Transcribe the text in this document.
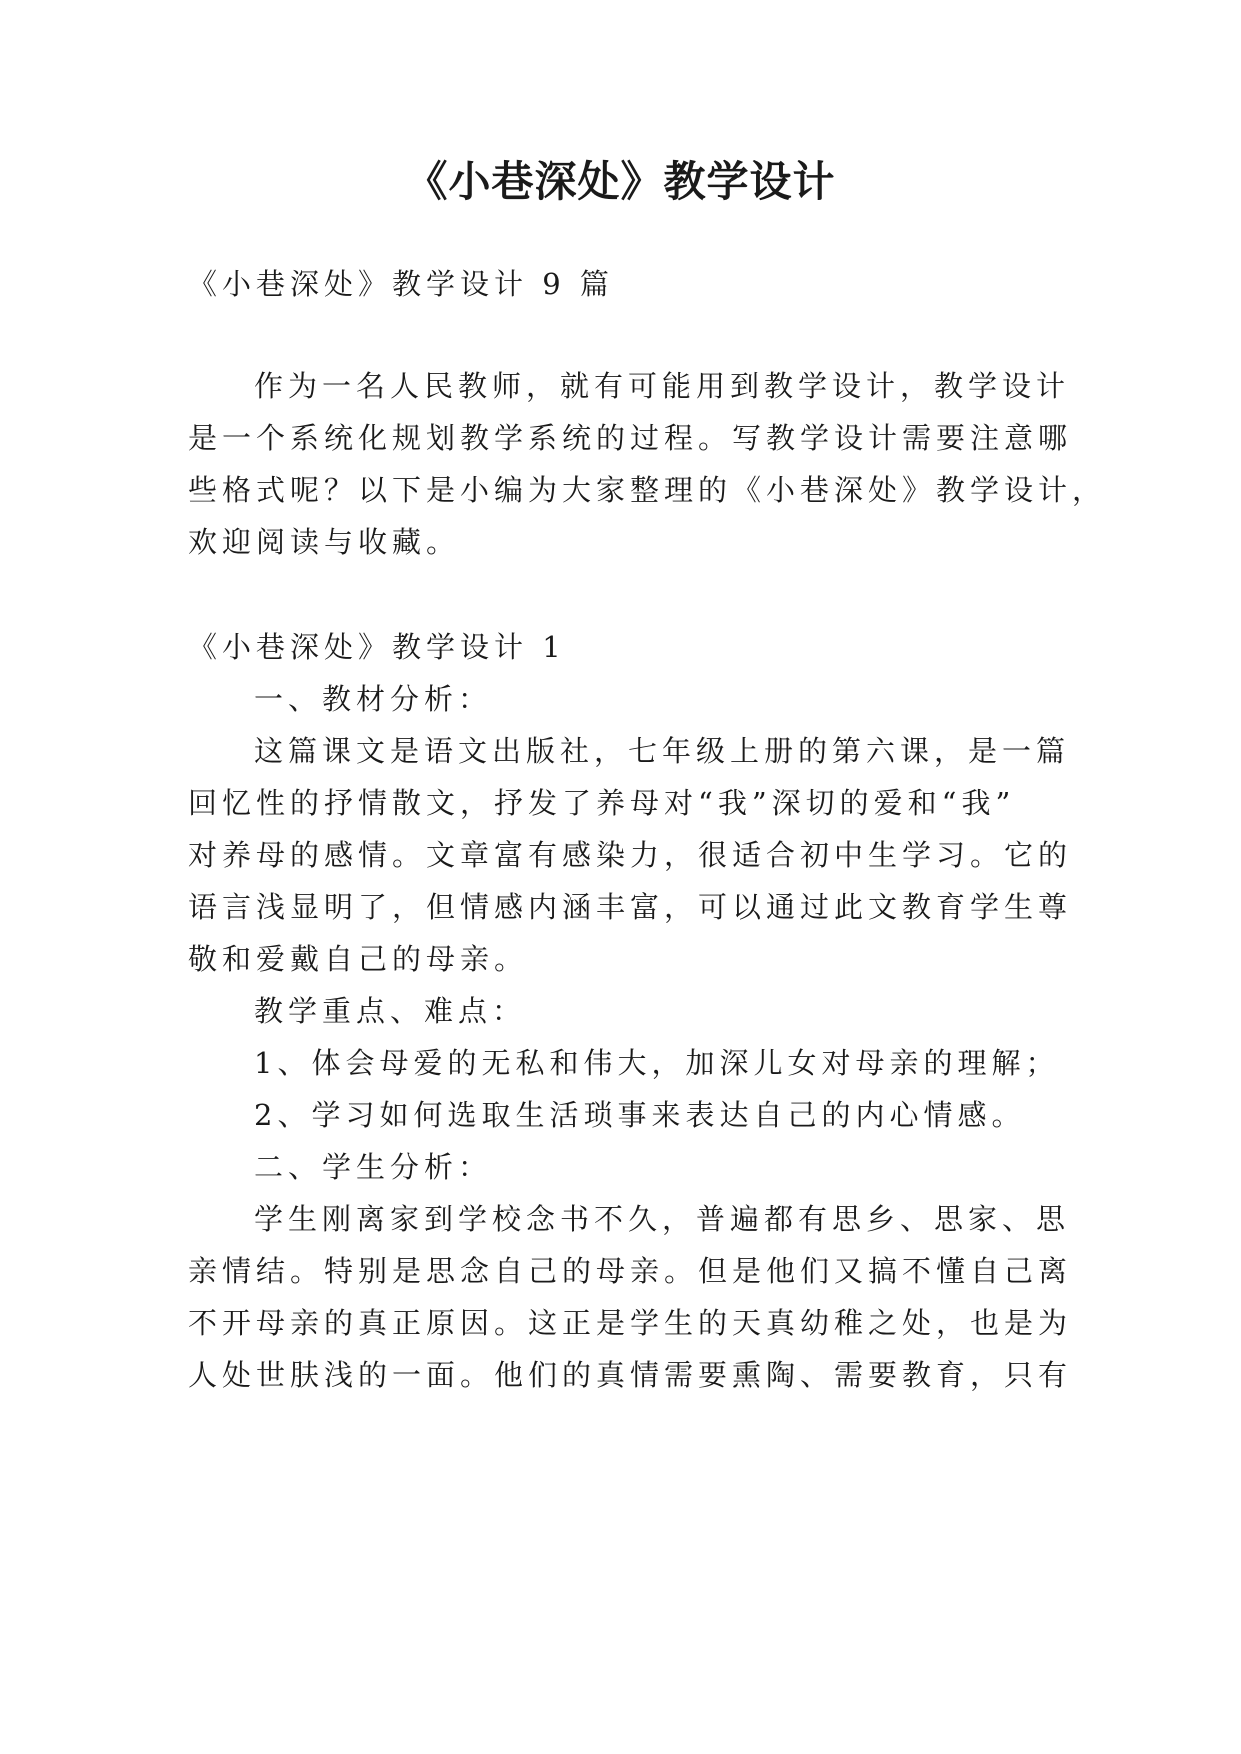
《小巷深处》教学设计
《小巷深处》教学设计 9 篇
作为一名人民教师，就有可能用到教学设计，教学设计
是一个系统化规划教学系统的过程。写教学设计需要注意哪
些格式呢？以下是小编为大家整理的《小巷深处》教学设计，
欢迎阅读与收藏。
《小巷深处》教学设计 1
一、教材分析：
这篇课文是语文出版社，七年级上册的第六课，是一篇
回忆性的抒情散文，抒发了养母对“我”深切的爱和“我”
对养母的感情。文章富有感染力，很适合初中生学习。它的
语言浅显明了，但情感内涵丰富，可以通过此文教育学生尊
敬和爱戴自己的母亲。
教学重点、难点：
1、体会母爱的无私和伟大，加深儿女对母亲的理解；
2、学习如何选取生活琐事来表达自己的内心情感。
二、学生分析：
学生刚离家到学校念书不久，普遍都有思乡、思家、思
亲情结。特别是思念自己的母亲。但是他们又搞不懂自己离
不开母亲的真正原因。这正是学生的天真幼稚之处，也是为
人处世肤浅的一面。他们的真情需要熏陶、需要教育，只有
